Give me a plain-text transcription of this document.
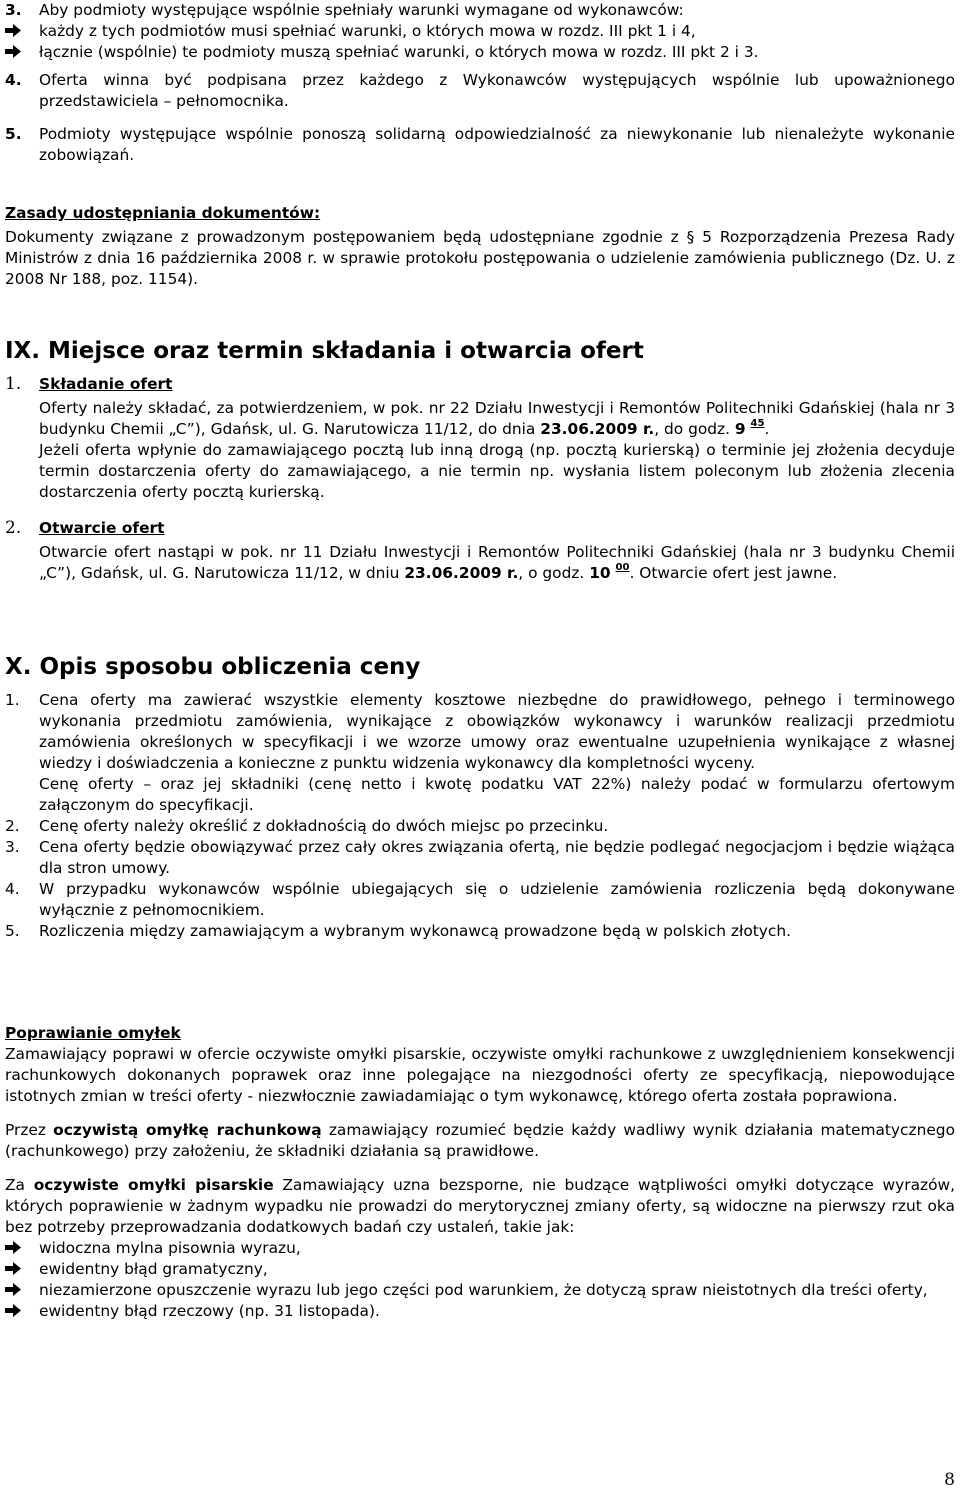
3.	Aby podmioty występujące wspólnie spełniały warunki wymagane od wykonawców:
każdy z tych podmiotów musi spełniać warunki, o których mowa w rozdz. III pkt 1 i 4,
łącznie (wspólnie) te podmioty muszą spełniać warunki, o których mowa w rozdz. III pkt 2 i 3.
4.	Oferta winna być podpisana przez każdego z Wykonawców występujących wspólnie lub upoważnionego przedstawiciela – pełnomocnika.
5.	Podmioty występujące wspólnie ponoszą solidarną odpowiedzialność za niewykonanie lub nienależyte wykonanie zobowiązań.

Zasady udostępniania dokumentów:

Dokumenty związane z prowadzonym postępowaniem będą udostępniane zgodnie z § 5 Rozporządzenia Prezesa Rady Ministrów z dnia 16 października 2008 r. w sprawie protokołu postępowania o udzielenie zamówienia publicznego (Dz. U. z 2008 Nr 188, poz. 1154).

IX. Miejsce oraz termin składania i otwarcia ofert

1. Składanie ofert

Oferty należy składać, za potwierdzeniem, w pok. nr 22 Działu Inwestycji i Remontów Politechniki Gdańskiej (hala nr 3 budynku Chemii „C”), Gdańsk, ul. G. Narutowicza 11/12, do dnia 23.06.2009 r., do godz. 9 $^{45}$.

Jeżeli oferta wpłynie do zamawiającego pocztą lub inną drogą (np. pocztą kurierską) o terminie jej złożenia decyduje termin dostarczenia oferty do zamawiającego, a nie termin np. wysłania listem poleconym lub złożenia zlecenia dostarczenia oferty pocztą kurierską.

2. Otwarcie ofert

Otwarcie ofert nastąpi w pok. nr 11 Działu Inwestycji i Remontów Politechniki Gdańskiej (hala nr 3 budynku Chemii „C”), Gdańsk, ul. G. Narutowicza 11/12, w dniu 23.06.2009 r., o godz. 10 $^{00}$. Otwarcie ofert jest jawne.

X. Opis sposobu obliczenia ceny
1.	Cena oferty ma zawierać wszystkie elementy kosztowe niezbędne do prawidłowego, pełnego i terminowego wykonania przedmiotu zamówienia, wynikające z obowiązków wykonawcy i warunków realizacji przedmiotu zamówienia określonych w specyfikacji i we wzorze umowy oraz ewentualne uzupełnienia wynikające z własnej wiedzy i doświadczenia a konieczne z punktu widzenia wykonawcy dla kompletności wyceny.
Cenę oferty – oraz jej składniki (cenę netto i kwotę podatku VAT 22%) należy podać w formularzu ofertowym załączonym do specyfikacji.
2.	Cenę oferty należy określić z dokładnością do dwóch miejsc po przecinku.
3.	Cena oferty będzie obowiązywać przez cały okres związania ofertą, nie będzie podlegać negocjacjom i będzie wiążąca dla stron umowy.
4.	W przypadku wykonawców wspólnie ubiegających się o udzielenie zamówienia rozliczenia będą dokonywane wyłącznie z pełnomocnikiem.
5.	Rozliczenia między zamawiającym a wybranym wykonawcą prowadzone będą w polskich złotych.

Poprawianie omyłek

Zamawiający poprawi w ofercie oczywiste omyłki pisarskie, oczywiste omyłki rachunkowe z uwzględnieniem konsekwencji rachunkowych dokonanych poprawek oraz inne polegające na niezgodności oferty ze specyfikacją, niepowodujące istotnych zmian w treści oferty - niezwłocznie zawiadamiając o tym wykonawcę, którego oferta została poprawiona.

Przez oczywistą omyłkę rachunkową zamawiający rozumieć będzie każdy wadliwy wynik działania matematycznego (rachunkowego) przy założeniu, że składniki działania są prawidłowe.

Za oczywiste omyłki pisarskie Zamawiający uzna bezsporne, nie budzące wątpliwości omyłki dotyczące wyrazów, których poprawienie w żadnym wypadku nie prowadzi do merytorycznej zmiany oferty, są widoczne na pierwszy rzut oka bez potrzeby przeprowadzania dodatkowych badań czy ustaleń, takie jak:

widoczna mylna pisownia wyrazu,
ewidentny błąd gramatyczny,
niezamierzone opuszczenie wyrazu lub jego części pod warunkiem, że dotyczą spraw nieistotnych dla treści oferty,
ewidentny błąd rzeczowy (np. 31 listopada).
8
